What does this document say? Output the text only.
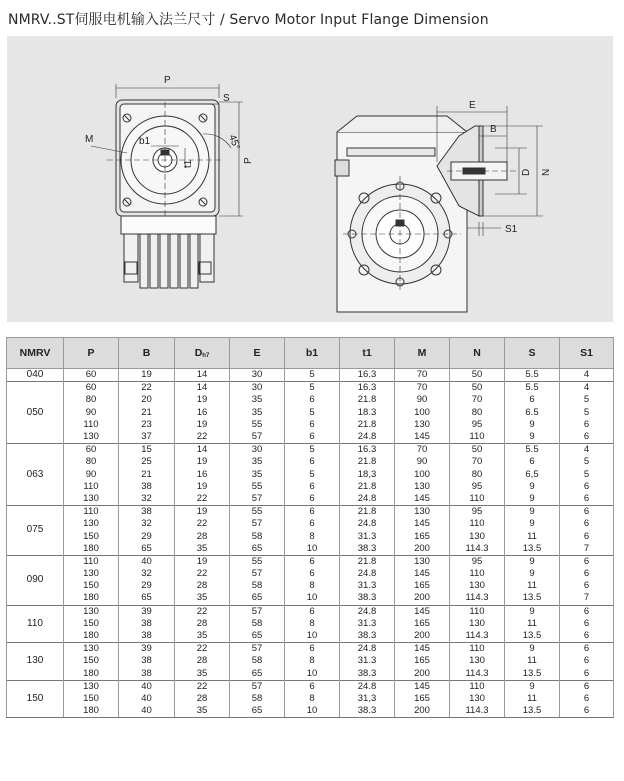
NMRV..ST伺服电机输入法兰尺寸 / Servo Motor Input Flange Dimension
P
S
M	b1
t1
45°
P
E
B
D N
S1
NMRV	P	B	Dh7	E	b1	t1	M	N	S	S1
040	60	19	14	30	5	16.3	70	50	5.5	4
050	60	22	14	30	5	16.3	70	50	5.5	4
	80	20	19	35	6	21.8	90	70	6	5
	90	21	16	35	5	18.3	100	80	6.5	5
	110	23	19	55	6	21.8	130	95	9	6
	130	37	22	57	6	24.8	145	110	9	6
063	60	15	14	30	5	16.3	70	50	5.5	4
	80	25	19	35	6	21.8	90	70	6	5
	90	21	16	35	5	18,3	100	80	6,5	5
	110	38	19	55	6	21.8	130	95	9	6
	130	32	22	57	6	24.8	145	110	9	6
075	110	38	19	55	6	21.8	130	95	9	6
	130	32	22	57	6	24.8	145	110	9	6
	150	29	28	58	8	31.3	165	130	11	6
	180	65	35	65	10	38.3	200	114.3	13.5	7
090	110	40	19	55	6	21.8	130	95	9	6
	130	32	22	57	6	24.8	145	110	9	6
	150	29	28	58	8	31.3	165	130	11	6
	180	65	35	65	10	38.3	200	114.3	13.5	7
110	130	39	22	57	6	24.8	145	110	9	6
	150	38	28	58	8	31.3	165	130	11	6
	180	38	35	65	10	38.3	200	114.3	13.5	6
130	130	39	22	57	6	24.8	145	110	9	6
	150	38	28	58	8	31.3	165	130	11	6
	180	38	35	65	10	38.3	200	114.3	13.5	6
150	130	40	22	57	6	24.8	145	110	9	6
	150	40	28	58	8	31,3	165	130	11	6
	180	40	35	65	10	38.3	200	114.3	13.5	6
